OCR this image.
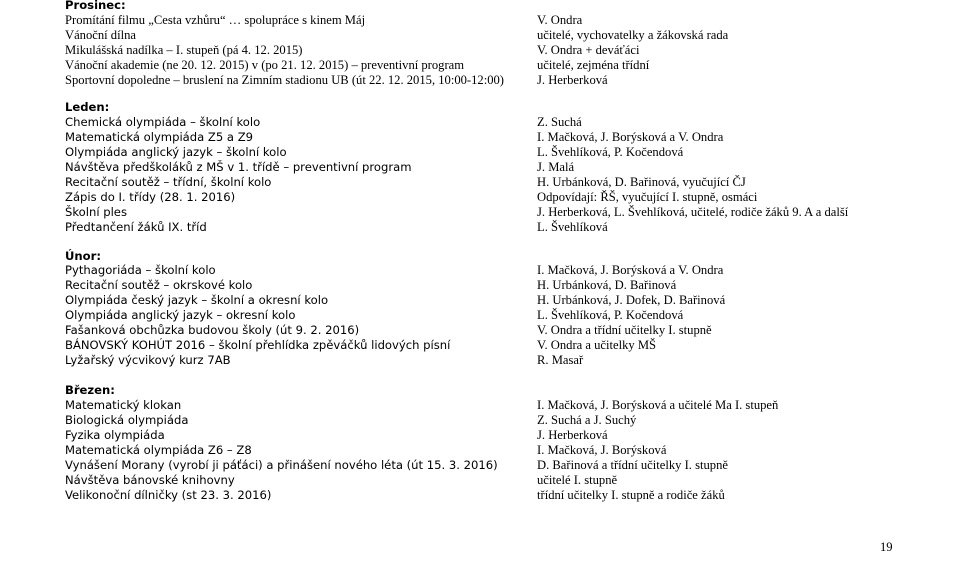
Prosinec:
Promítání filmu „Cesta vzhůru“ … spolupráce s kinem Máj	V. Ondra
Vánoční dílna	učitelé, vychovatelky a žákovská rada
Mikulášská nadílka – I. stupeň (pá 4. 12. 2015)	V. Ondra + deváťáci
Vánoční akademie (ne 20. 12. 2015) v (po 21. 12. 2015) – preventivní program	učitelé, zejména třídní
Sportovní dopoledne – bruslení na Zimním stadionu UB (út 22. 12. 2015, 10:00-12:00)	J. Herberková
Leden:
Chemická olympiáda – školní kolo	Z. Suchá
Matematická olympiáda Z5 a Z9	I. Mačková, J. Borýsková a V. Ondra
Olympiáda anglický jazyk – školní kolo	L. Švehlíková, P. Kočendová
Návštěva předškoláků z MŠ v 1. třídě – preventivní program	J. Malá
Recitační soutěž – třídní, školní kolo	H. Urbánková, D. Bařinová, vyučující ČJ
Zápis do I. třídy (28. 1. 2016)	Odpovídají: ŘŠ, vyučující I. stupně, osmáci
Školní ples	J. Herberková, L. Švehlíková, učitelé, rodiče žáků 9. A a další
Předtančení žáků IX. tříd	L. Švehlíková
Únor:
Pythagoriáda – školní kolo	I. Mačková, J. Borýsková a V. Ondra
Recitační soutěž – okrskové kolo	H. Urbánková, D. Bařinová
Olympiáda český jazyk – školní a okresní kolo	H. Urbánková, J. Dofek, D. Bařinová
Olympiáda anglický jazyk – okresní kolo	L. Švehlíková, P. Kočendová
Fašanková obchůzka budovou školy (út 9. 2. 2016)	V. Ondra a třídní učitelky I. stupně
BÁNOVSKÝ KOHÚT 2016 – školní přehlídka zpěváčků lidových písní	V. Ondra a učitelky MŠ
Lyžařský výcvikový kurz 7AB	R. Masař
Březen:
Matematický klokan	I. Mačková, J. Borýsková a učitelé Ma I. stupeň
Biologická olympiáda	Z. Suchá a J. Suchý
Fyzika olympiáda	J. Herberková
Matematická olympiáda Z6 – Z8	I. Mačková, J. Borýsková
Vynášení Morany (vyrobí ji páťáci) a přinášení nového léta (út 15. 3. 2016)	D. Bařinová a třídní učitelky I. stupně
Návštěva bánovské knihovny	učitelé I. stupně
Velikonoční dílničky (st 23. 3. 2016)	třídní učitelky I. stupně a rodiče žáků
19
